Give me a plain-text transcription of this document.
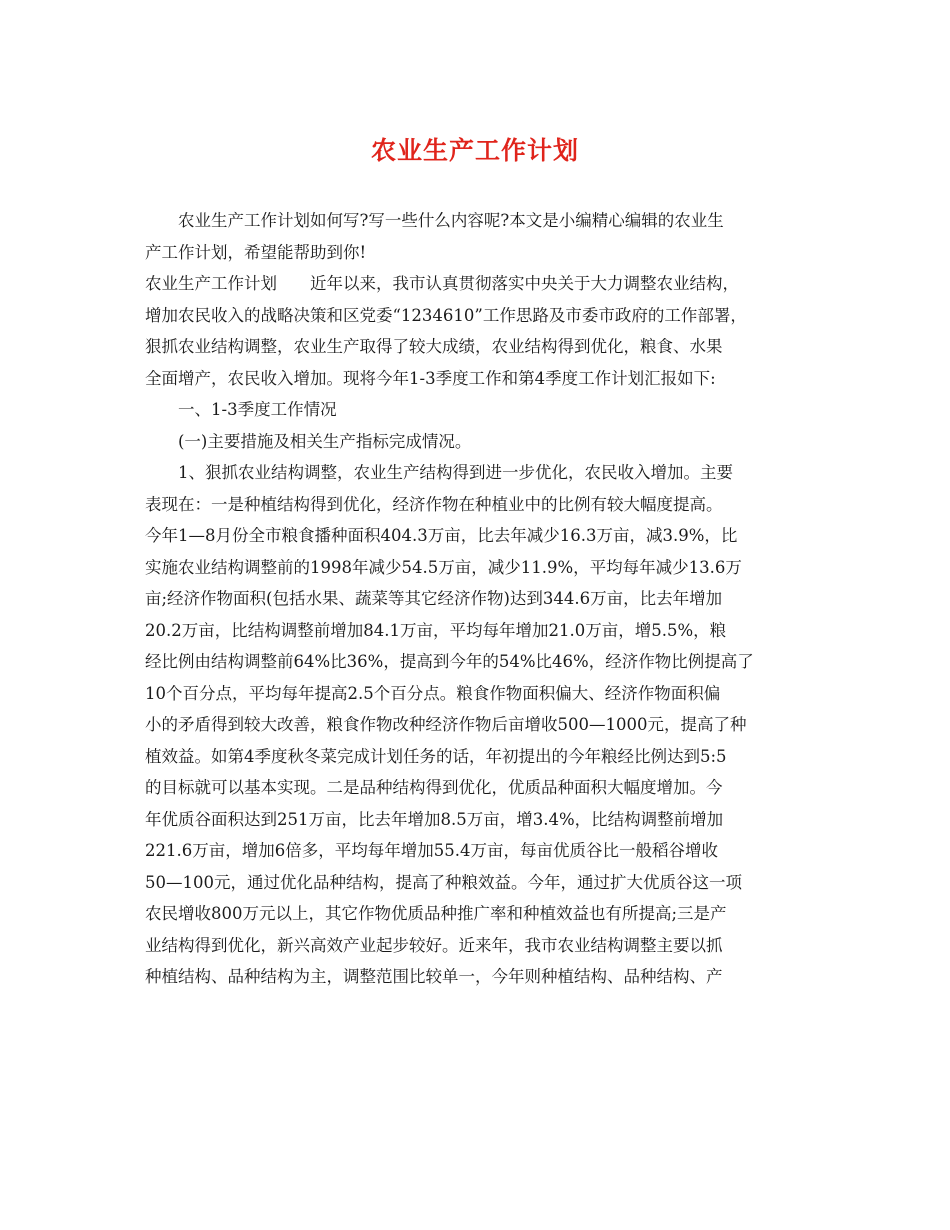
农业生产工作计划
　　农业生产工作计划如何写?写一些什么内容呢?本文是小编精心编辑的农业生
产工作计划，希望能帮助到你!
农业生产工作计划　　近年以来，我市认真贯彻落实中央关于大力调整农业结构，
增加农民收入的战略决策和区党委“1234610”工作思路及市委市政府的工作部署，
狠抓农业结构调整，农业生产取得了较大成绩，农业结构得到优化，粮食、水果
全面增产，农民收入增加。现将今年1-3季度工作和第4季度工作计划汇报如下:
　　一、1-3季度工作情况
　　(一)主要措施及相关生产指标完成情况。
　　1、狠抓农业结构调整，农业生产结构得到进一步优化，农民收入增加。主要
表现在：一是种植结构得到优化，经济作物在种植业中的比例有较大幅度提高。
今年1—8月份全市粮食播种面积404.3万亩，比去年减少16.3万亩，减3.9%，比
实施农业结构调整前的1998年减少54.5万亩，减少11.9%，平均每年减少13.6万
亩;经济作物面积(包括水果、蔬菜等其它经济作物)达到344.6万亩，比去年增加
20.2万亩，比结构调整前增加84.1万亩，平均每年增加21.0万亩，增5.5%，粮
经比例由结构调整前64%比36%，提高到今年的54%比46%，经济作物比例提高了
10个百分点，平均每年提高2.5个百分点。粮食作物面积偏大、经济作物面积偏
小的矛盾得到较大改善，粮食作物改种经济作物后亩增收500—1000元，提高了种
植效益。如第4季度秋冬菜完成计划任务的话，年初提出的今年粮经比例达到5:5
的目标就可以基本实现。二是品种结构得到优化，优质品种面积大幅度增加。今
年优质谷面积达到251万亩，比去年增加8.5万亩，增3.4%，比结构调整前增加
221.6万亩，增加6倍多，平均每年增加55.4万亩，每亩优质谷比一般稻谷增收
50—100元，通过优化品种结构，提高了种粮效益。今年，通过扩大优质谷这一项
农民增收800万元以上，其它作物优质品种推广率和种植效益也有所提高;三是产
业结构得到优化，新兴高效产业起步较好。近来年，我市农业结构调整主要以抓
种植结构、品种结构为主，调整范围比较单一，今年则种植结构、品种结构、产
